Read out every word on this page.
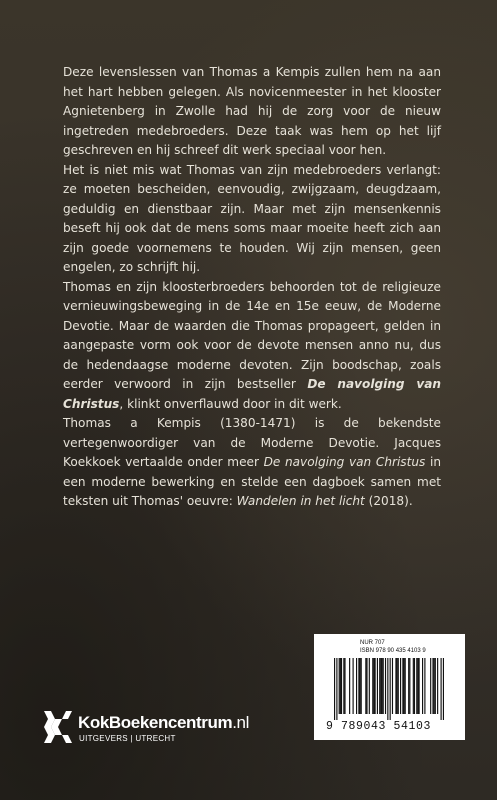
Deze levenslessen van Thomas a Kempis zullen hem na aan het hart hebben gelegen. Als novicenmeester in het klooster Agnietenberg in Zwolle had hij de zorg voor de nieuw ingetreden medebroeders. Deze taak was hem op het lijf geschreven en hij schreef dit werk speciaal voor hen.

Het is niet mis wat Thomas van zijn medebroeders verlangt: ze moeten bescheiden, eenvoudig, zwijgzaam, deugdzaam, geduldig en dienstbaar zijn. Maar met zijn mensenkennis beseft hij ook dat de mens soms maar moeite heeft zich aan zijn goede voornemens te houden. Wij zijn mensen, geen engelen, zo schrijft hij.

Thomas en zijn kloosterbroeders behoorden tot de religieuze vernieuwingsbeweging in de 14e en 15e eeuw, de Moderne Devotie. Maar de waarden die Thomas propageert, gelden in aangepaste vorm ook voor de devote mensen anno nu, dus de hedendaagse moderne devoten. Zijn boodschap, zoals eerder verwoord in zijn bestseller De navolging van Christus, klinkt onverflauwd door in dit werk.

Thomas a Kempis (1380-1471) is de bekendste vertegenwoordiger van de Moderne Devotie. Jacques Koekkoek vertaalde onder meer De navolging van Christus in een moderne bewerking en stelde een dagboek samen met teksten uit Thomas' oeuvre: Wandelen in het licht (2018).

KokBoekencentrum.nl
UITGEVERS | UTRECHT
NUR 707
ISBN 978 90 435 4103 9
9 789043 54103
